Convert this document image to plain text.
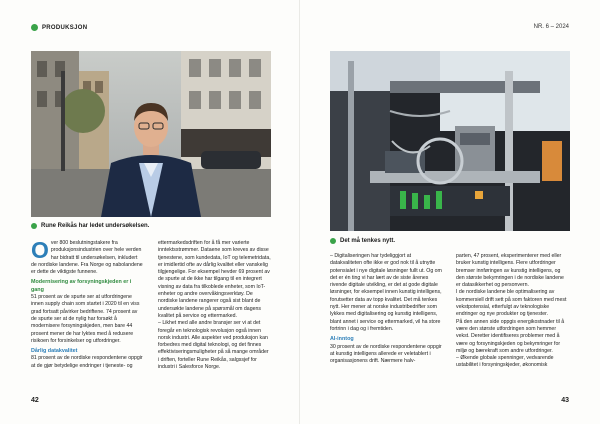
PRODUKSJON
Rune Reikås har ledet undersøkelsen.

O ver 800 beslutningstakere fra produksjonsindustrien over hele verden har bidratt til undersøkelsen, inkludert de nordiske landene. Fra Norge og nabolandene er dette de viktigste funnene.

Modernisering av forsyningskjeden er i gang

51 prosent av de spurte ser at utfordringene innen supply chain som startet i 2020 til en viss grad fortsatt påvirker bedriftene. 74 prosent av de spurte ser at de nylig har forsøkt å modernisere forsyningskjeden, men bare 44 prosent mener de har lyktes med å redusere risikoen for forsinkelser og utfordringer.

Dårlig datakvalitet

81 prosent av de nordiske respondentene oppgir at de gjør betydelige endringer i tjeneste- og

ettermarkedsdriften for å få mer varierte inntektsstrømmer. Dataene som kreves av disse tjenestene, som kundedata, IoT og telemetridata, er imidlertid ofte av dårlig kvalitet eller vanskelig tilgjengelige. For eksempel hevder 69 prosent av de spurte at de ikke har tilgang til en integrert visning av data fra tilkoblede enheter, som IoT-enheter og andre overvåkingsverktøy. De nordiske landene rangerer også sist blant de undersøkte landene på spørsmål om dagens kvalitet på service og ettermarked.

– Likhet med alle andre bransjer ser vi at det foregår en teknologisk revolusjon også innen norsk industri. Alle aspekter ved produksjon kan forbedres med digital teknologi, og det finnes effektiviseringsmuligheter på så mange områder i driften, forteller Rune Reikås, salgssjef for industri i Salesforce Norge.

42
NR. 6 – 2024
Det må tenkes nytt.

– Digitaliseringen har tydeliggjort at datakvaliteten ofte ikke er god nok til å utnytte potensialet i nye digitale løsninger fullt ut. Og om det er én ting vi har lært av de siste årenes rivende digitale utvikling, er det at gode digitale løsninger, for eksempel innen kunstig intelligens, forutsetter data av topp kvalitet. Det må tenkes nytt. Her mener at norske industribedrifter som lykkes med digitalisering og kunstig intelligens, blant annet i service og ettermarked, vil ha store fortrinn i dag og i fremtiden.

AI-inntog

30 prosent av de nordiske respondentene oppgir at kunstig intelligens allerede er veletablert i organisasjonens drift. Nærmere halv-

parten, 47 prosent, eksperimenterer med eller bruker kunstig intelligens. Flere utfordringer bremser innføringen av kunstig intelligens, og den største bekymringen i de nordiske landene er datasikkerhet og personvern.

I de nordiske landene ble optimalisering av kommersiell drift sett på som faktoren med mest vekstpotensial, etterfulgt av teknologiske endringer og nye produkter og tjenester.

På den annen side oppgis energikostnader til å være den største utfordringen som hemmer vekst. Deretter identifiseres problemer med å være og forsyningskjeden og bekymringer for miljø og bærekraft som andre utfordringer.

– Økende globale spenninger, vedvarende ustabilitet i forsyningskjeder, økonomisk

43
